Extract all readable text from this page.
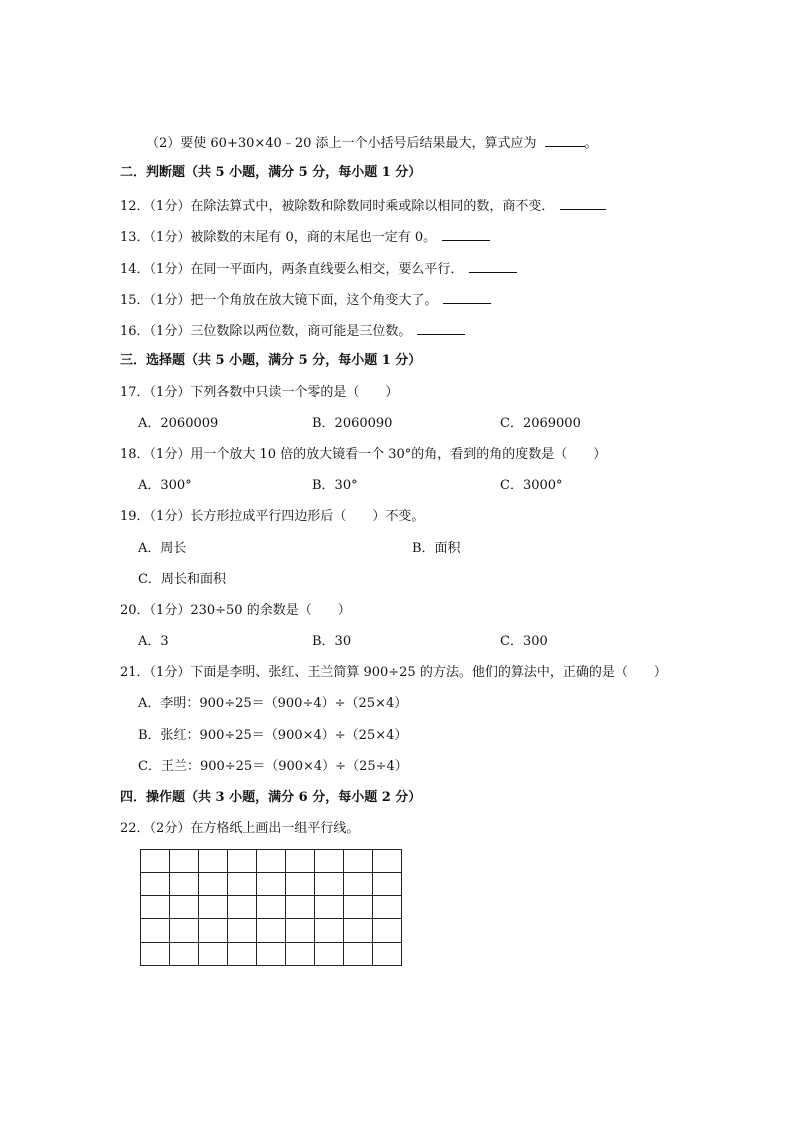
（2）要使 60+30×40﹣20 添上一个小括号后结果最大，算式应为	。
二．判断题（共 5 小题，满分 5 分，每小题 1 分）
12．（1分）在除法算式中，被除数和除数同时乘或除以相同的数，商不变．
13．（1分）被除数的末尾有 0，商的末尾也一定有 0。
14．（1分）在同一平面内，两条直线要么相交，要么平行．
15．（1分）把一个角放在放大镜下面，这个角变大了。
16．（1分）三位数除以两位数，商可能是三位数。
三．选择题（共 5 小题，满分 5 分，每小题 1 分）
17．（1分）下列各数中只读一个零的是（　　）
A．2060009	B．2060090	C．2069000
18．（1分）用一个放大 10 倍的放大镜看一个 30°的角，看到的角的度数是（　　）
A．300°	B．30°	C．3000°
19．（1分）长方形拉成平行四边形后（　　）不变。
A．周长	B．面积
C．周长和面积
20．（1分）230÷50 的余数是（　　）
A．3	B．30	C．300
21．（1分）下面是李明、张红、王兰简算 900÷25 的方法。他们的算法中，正确的是（　　）
A．李明：900÷25＝（900÷4）÷（25×4）
B．张红：900÷25＝（900×4）÷（25×4）
C．王兰：900÷25＝（900×4）÷（25÷4）
四．操作题（共 3 小题，满分 6 分，每小题 2 分）
22．（2分）在方格纸上画出一组平行线。
